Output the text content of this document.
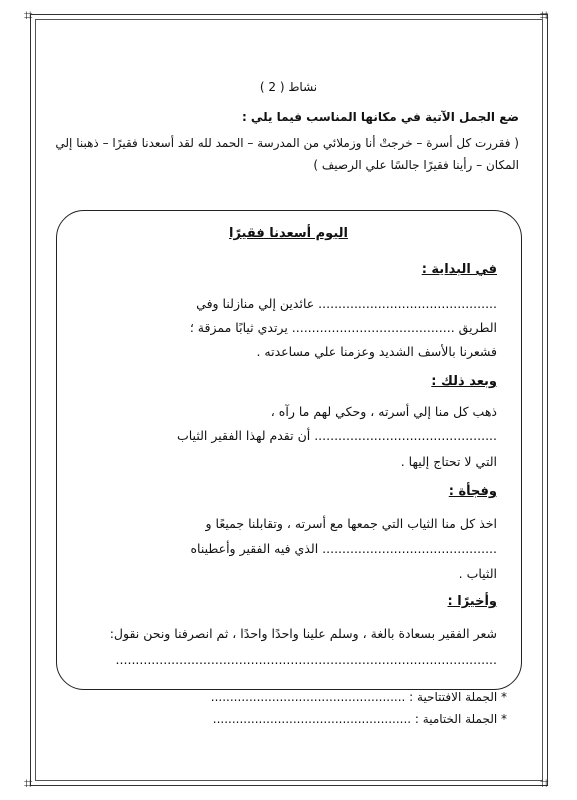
⌗	⌗
⌗	⌗
نشاط ( 2 )
ضع الجمل الآتية في مكانها المناسب فيما يلي :
( فقررت كل أسرة – خرجتْ أنا وزملائي من المدرسة – الحمد لله لقد أسعدنا فقيرًا – ذهبنا إلي
المكان – رأينا فقيرًا جالسًا علي الرصيف )
اليوم أسعدنا فقيرًا
في البداية :
............................................. عائدين إلي منازلنا وفي
الطريق ......................................... يرتدي ثيابًا ممزقة ؛
فشعرنا بالأسف الشديد وعزمنا علي مساعدته .
وبعد ذلك :
ذهب كل منا إلي أسرته ، وحكي لهم ما رآه ،
.............................................. أن تقدم لهذا الفقير الثياب
التي لا تحتاج إليها .
وفجأة :
اخذ كل منا الثياب التي جمعها مع أسرته ، وتقابلنا جميعًا و
............................................ الذي فيه الفقير وأعطيناه
الثياب .
وأخيرًا :
شعر الفقير بسعادة بالغة ، وسلم علينا واحدًا واحدًا ، ثم انصرفنا ونحن نقول:
................................................................................................
* الجملة الافتتاحية : ...................................................
* الجملة الختامية : ....................................................
